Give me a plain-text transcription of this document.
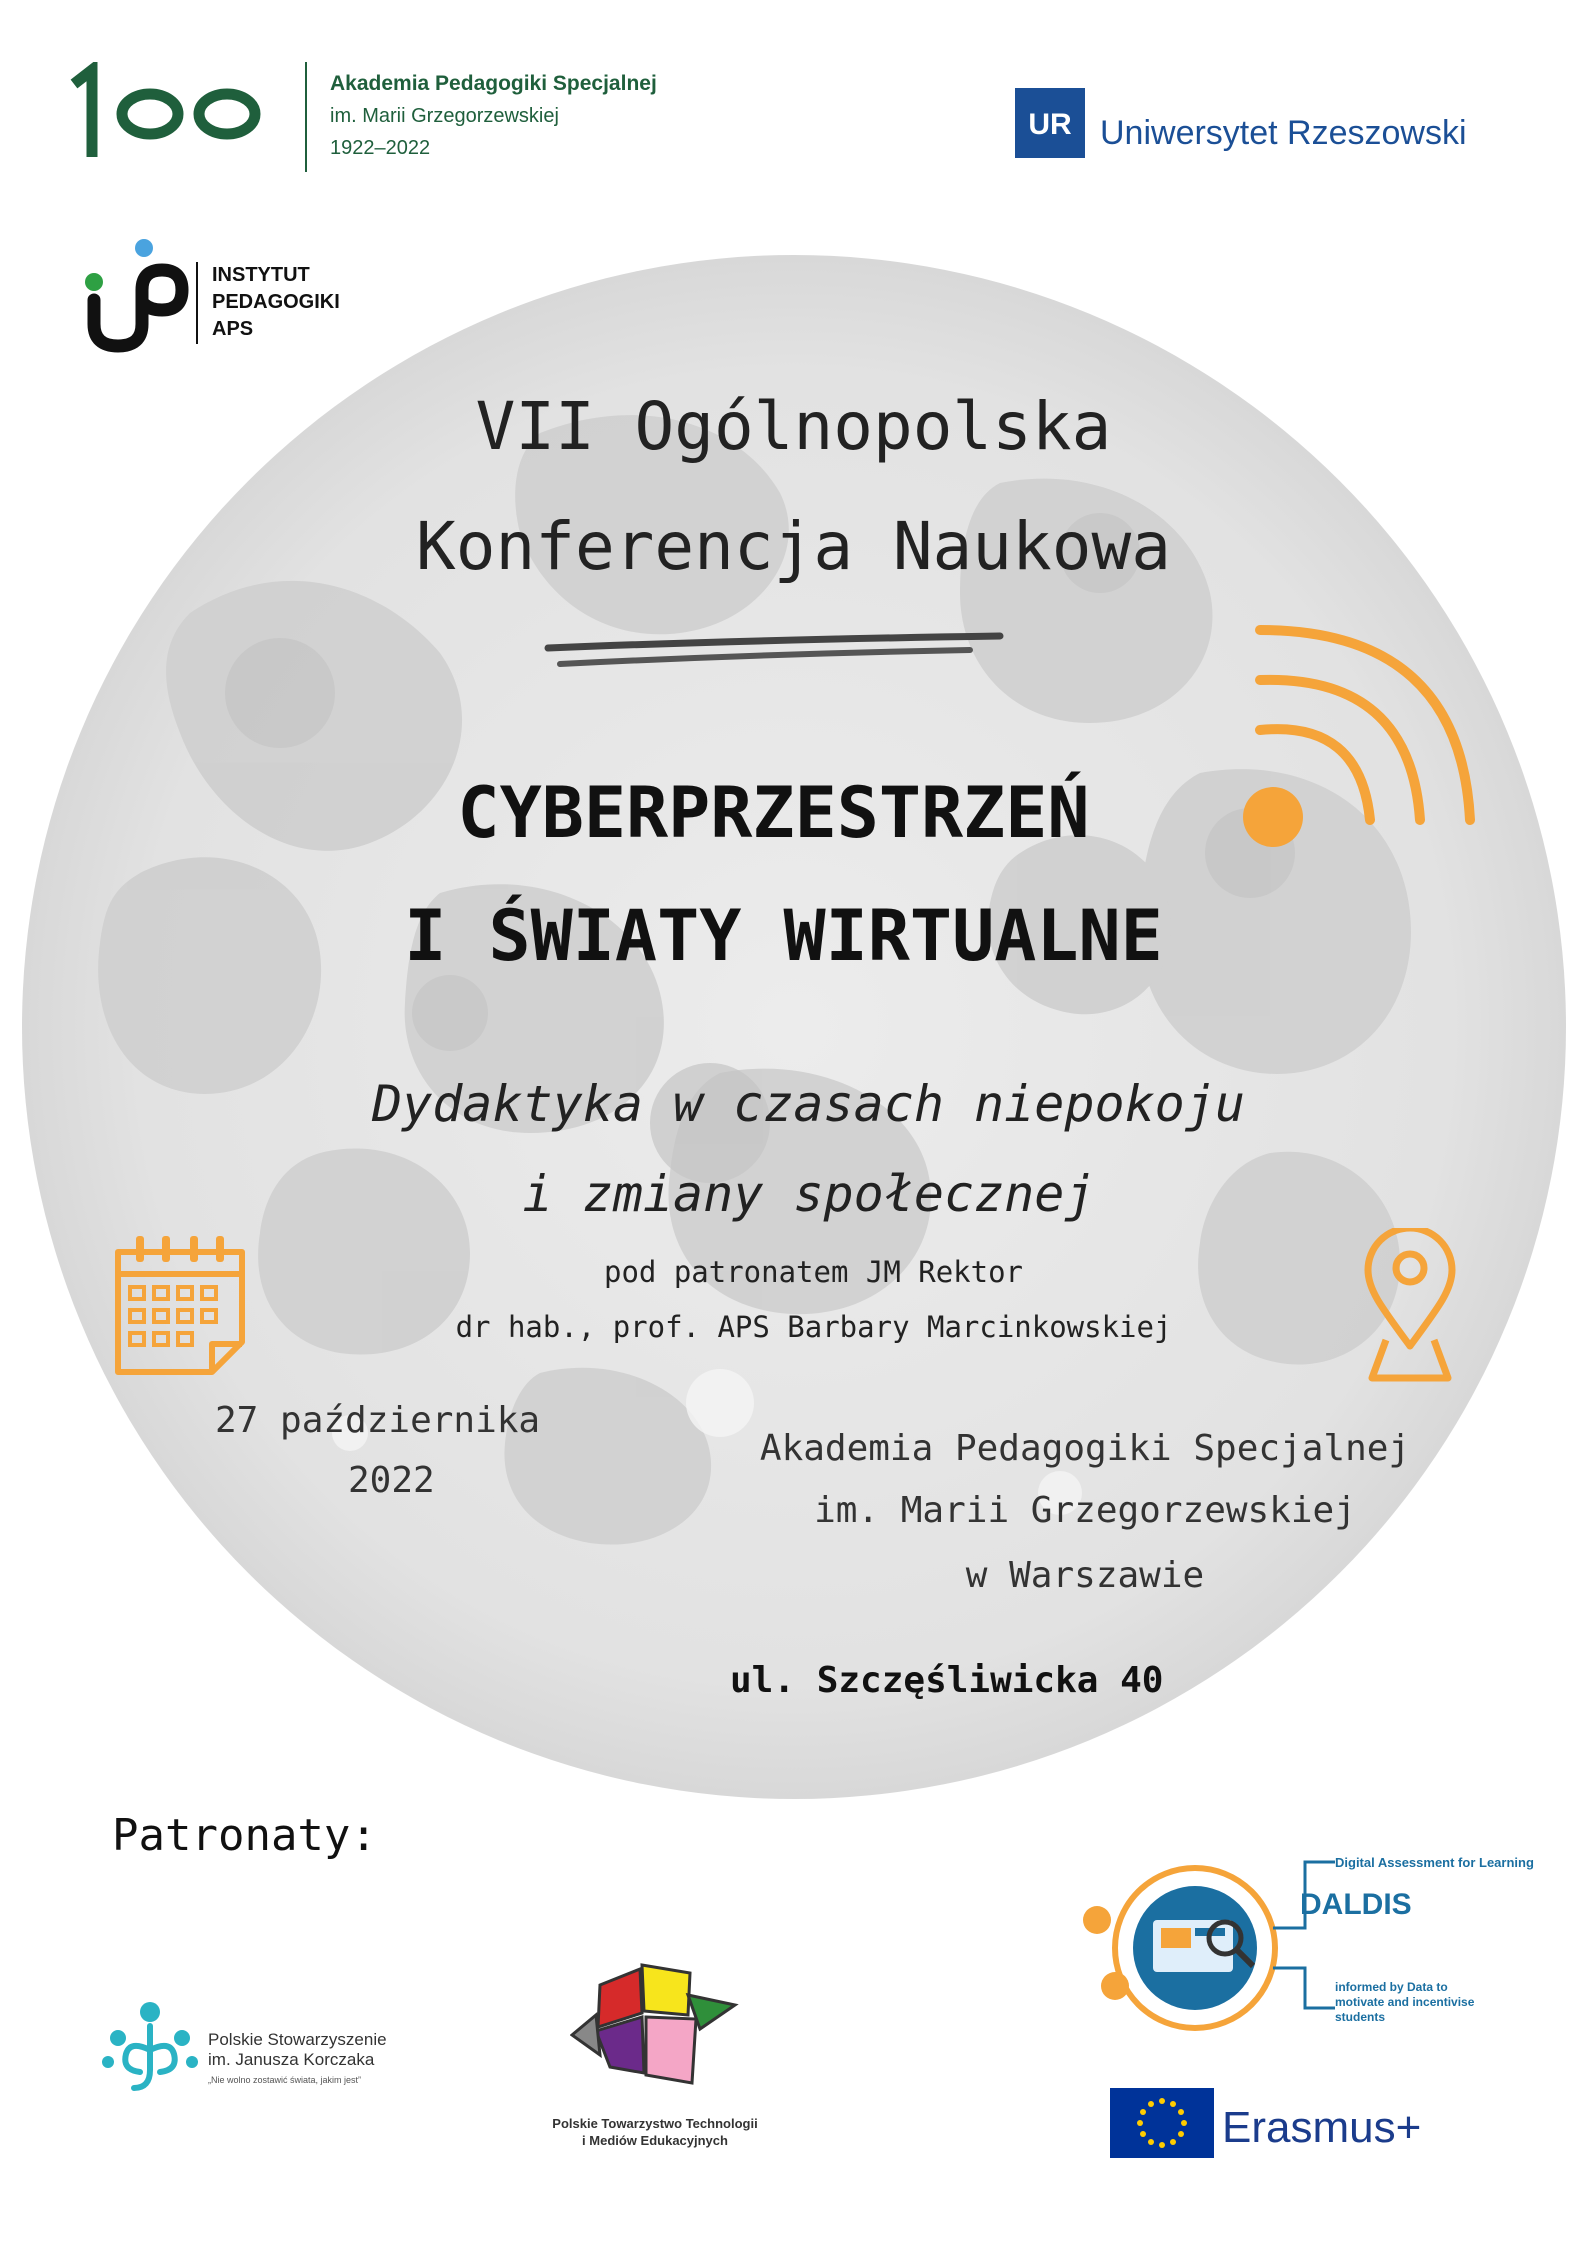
Akademia Pedagogiki Specjalnej
im. Marii Grzegorzewskiej
1922–2022
UR Uniwersytet Rzeszowski
INSTYTUT
PEDAGOGIKI
APS
VII Ogólnopolska
Konferencja Naukowa
CYBERPRZESTRZEŃ
I ŚWIATY WIRTUALNE
Dydaktyka w czasach niepokoju
i zmiany społecznej
pod patronatem JM Rektor
dr hab., prof. APS Barbary Marcinkowskiej
27 października
2022
Akademia Pedagogiki Specjalnej
im. Marii Grzegorzewskiej
w Warszawie
ul. Szczęśliwicka 40
Patronaty:
Polskie Stowarzyszenie
im. Janusza Korczaka
„Nie wolno zostawić świata, jakim jest”
Polskie Towarzystwo Technologii
i Mediów Edukacyjnych
Digital Assessment for Learning
DALDIS
informed by Data to motivate and incentivise students
Erasmus+
